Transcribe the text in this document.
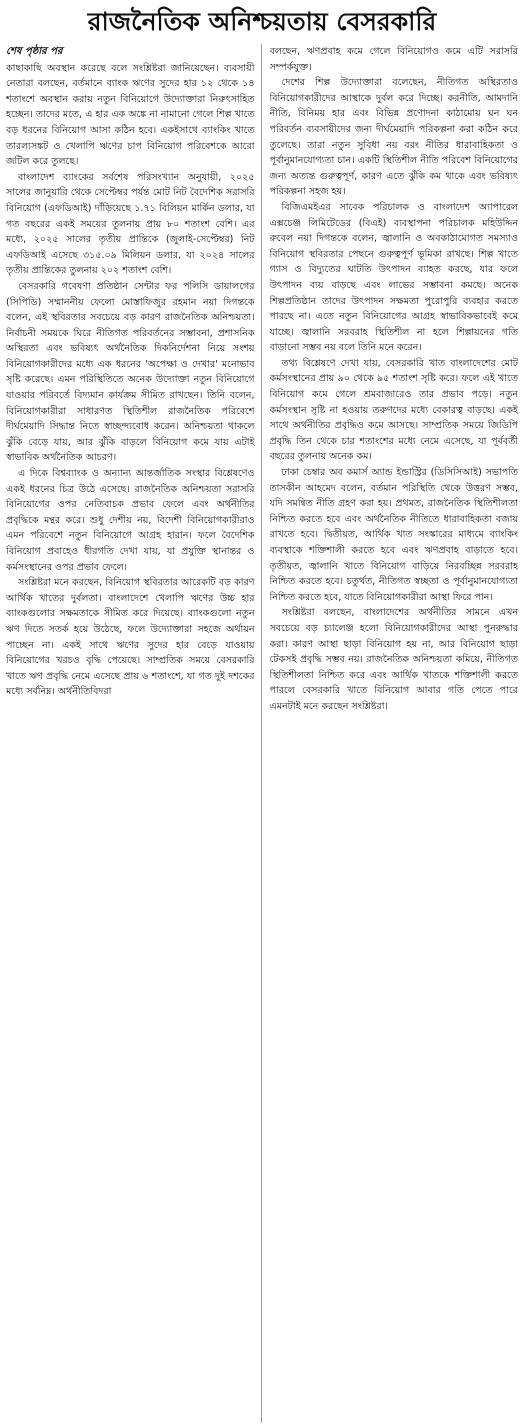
রাজনৈতিক অনিশ্চয়তায় বেসরকারি
শেষ পৃষ্ঠার পর

কাছাকাছি অবস্থান করেছে বলে সংশ্লিষ্টরা জানিয়েছেন। ব্যবসায়ী নেতারা বলছেন, বর্তমানে ব্যাংক ঋণের সুদের হার ১২ থেকে ১৪ শতাংশে অবস্থান করায় নতুন বিনিয়োগে উদ্যোক্তারা নিরুৎসাহিত হচ্ছেন। তাদের মতে, এ হার এক অঙ্কে না নামানো গেলে শিল্প খাতে বড় ধরনের বিনিয়োগ আসা কঠিন হবে। একইসাথে ব্যাংকিং খাতে তারল্যসঙ্কট ও খেলাপি ঋণের চাপ বিনিয়োগ পরিবেশকে আরো জটিল করে তুলছে।

বাংলাদেশ ব্যাংকের সর্বশেষ পরিসংখ্যান অনুযায়ী, ২০২৫ সালের জানুয়ারি থেকে সেপ্টেম্বর পর্যন্ত মোট নিট বৈদেশিক সরাসরি বিনিয়োগ (এফডিআই) দাঁড়িয়েছে ১.৭১ বিলিয়ন মার্কিন ডলার, যা গত বছরের একই সময়ের তুলনায় প্রায় ৮০ শতাংশ বেশি। এর মধ্যে, ২০২৫ সালের তৃতীয় প্রান্তিকে (জুলাই-সেপ্টেম্বর) নিট এফডিআই এসেছে ৩১৫.০৯ মিলিয়ন ডলার, যা ২০২৪ সালের তৃতীয় প্রান্তিকের তুলনায় ২০২ শতাংশ বেশি।

বেসরকারি গবেষণা প্রতিষ্ঠান সেন্টার ফর পলিসি ডায়ালগের (সিপিডি) সম্মাননীয় ফেলো মোস্তাফিজুর রহমান নয়া দিগন্তকে বলেন, এই স্থবিরতার সবচেয়ে বড় কারণ রাজনৈতিক অনিশ্চয়তা। নির্বাচনী সময়কে ঘিরে নীতিগত পরিবর্তনের সম্ভাবনা, প্রশাসনিক অস্থিরতা এবং ভবিষ্যৎ অর্থনৈতিক দিকনির্দেশনা নিয়ে সংশয় বিনিয়োগকারীদের মধ্যে এক ধরনের 'অপেক্ষা ও দেখার' মনোভাব সৃষ্টি করেছে। এমন পরিস্থিতিতে অনেক উদ্যোক্তা নতুন বিনিয়োগে যাওয়ার পরিবর্তে বিদ্যমান কার্যক্রম সীমিত রাখছেন। তিনি বলেন, বিনিয়োগকারীরা সাধারণত স্থিতিশীল রাজনৈতিক পরিবেশে দীর্ঘমেয়াদি সিদ্ধান্ত নিতে স্বাচ্ছন্দ্যবোধ করেন। অনিশ্চয়তা থাকলে ঝুঁকি বেড়ে যায়, আর ঝুঁকি বাড়লে বিনিয়োগ কমে যায় এটাই স্বাভাবিক অর্থনৈতিক আচরণ।

এ দিকে বিশ্বব্যাংক ও অন্যান্য আন্তর্জাতিক সংস্থার বিশ্লেষণেও একই ধরনের চিত্র উঠে এসেছে। রাজনৈতিক অনিশ্চয়তা সরাসরি বিনিয়োগের ওপর নেতিবাচক প্রভাব ফেলে এবং অর্থনীতির প্রবৃদ্ধিকে মন্থর করে। শুধু দেশীয় নয়, বিদেশী বিনিয়োগকারীরাও এমন পরিবেশে নতুন বিনিয়োগে আগ্রহ হারান। ফলে বৈদেশিক বিনিয়োগ প্রবাহেও ধীরগতি দেখা যায়, যা প্রযুক্তি স্থানান্তর ও কর্মসংস্থানের ওপর প্রভাব ফেলে।

সংশ্লিষ্টরা মনে করছেন, বিনিয়োগ স্থবিরতার আরেকটি বড় কারণ আর্থিক খাতের দুর্বলতা। বাংলাদেশে খেলাপি ঋণের উচ্চ হার ব্যাংকগুলোর সক্ষমতাকে সীমিত করে দিয়েছে। ব্যাংকগুলো নতুন ঋণ দিতে সতর্ক হয়ে উঠেছে, ফলে উদ্যোক্তারা সহজে অর্থায়ন পাচ্ছেন না। একই সাথে ঋণের সুদের হার বেড়ে যাওয়ায় বিনিয়োগের খরচও বৃদ্ধি পেয়েছে। সাম্প্রতিক সময়ে বেসরকারি খাতে ঋণ প্রবৃদ্ধি নেমে এসেছে প্রায় ৬ শতাংশে, যা গত দুই দশকের মধ্যে সর্বনিম্ন। অর্থনীতিবিদরা

বলছেন, ঋণপ্রবাহ কমে গেলে বিনিয়োগও কমে এটি সরাসরি সম্পর্কযুক্ত।

দেশের শিল্প উদ্যোক্তারা বলেছেন, নীতিগত অস্থিরতাও বিনিয়োগকারীদের আস্থাকে দুর্বল করে দিচ্ছে। করনীতি, আমদানি নীতি, বিনিময় হার এবং বিভিন্ন প্রণোদনা কাঠামোয় ঘন ঘন পরিবর্তন ব্যবসায়ীদের জন্য দীর্ঘমেয়াদি পরিকল্পনা করা কঠিন করে তুলেছে। তারা নতুন সুবিধা নয় বরং নীতির ধারাবাহিকতা ও পূর্বানুমানযোগ্যতা চান। একটি স্থিতিশীল নীতি পরিবেশ বিনিয়োগের জন্য অত্যন্ত গুরুত্বপূর্ণ, কারণ এতে ঝুঁকি কম থাকে এবং ভবিষ্যৎ পরিকল্পনা সহজ হয়।

বিজিএমইএর সাবেক পরিচালক ও বাংলাদেশ অ্যাপারেল এক্সচেঞ্জ লিমিটেডের (বিএই) ব্যবস্থাপনা পরিচালক মহিউদ্দিন রুবেল নয়া দিগন্তকে বলেন, জ্বালানি ও অবকাঠামোগত সমস্যাও বিনিয়োগ স্থবিরতার পেছনে গুরুত্বপূর্ণ ভূমিকা রাখছে। শিল্প খাতে গ্যাস ও বিদ্যুতের ঘাটতি উৎপাদন ব্যাহত করছে, যার ফলে উৎপাদন ব্যয় বাড়ছে এবং লাভের সম্ভাবনা কমছে। অনেক শিল্পপ্রতিষ্ঠান তাদের উৎপাদন সক্ষমতা পুরোপুরি ব্যবহার করতে পারছে না। এতে নতুন বিনিয়োগের আগ্রহ স্বাভাবিকভাবেই কমে যাচ্ছে। জ্বালানি সরবরাহ স্থিতিশীল না হলে শিল্পায়নের গতি বাড়ানো সম্ভব নয় বলে তিনি মনে করেন।

তথ্য বিশ্লেষণে দেখা যায়, বেসরকারি খাত বাংলাদেশের মোট কর্মসংস্থানের প্রায় ৯০ থেকে ৯৫ শতাংশ সৃষ্টি করে। ফলে এই খাতে বিনিয়োগ কমে গেলে শ্রমবাজারেও তার প্রভাব পড়ে। নতুন কর্মসংস্থান সৃষ্টি না হওয়ায় তরুণদের মধ্যে বেকারত্ব বাড়ছে। একই সাথে অর্থনীতির প্রবৃদ্ধিও কমে আসছে। সাম্প্রতিক সময়ে জিডিপি প্রবৃদ্ধি তিন থেকে চার শতাংশের মধ্যে নেমে এসেছে, যা পূর্ববর্তী বছরের তুলনায় অনেক কম।

ঢাকা চেম্বার অব কমার্স অ্যান্ড ইন্ডাস্ট্রির (ডিসিসিআই) সভাপতি তাসকীন আহমেদ বলেন, বর্তমান পরিস্থিতি থেকে উত্তরণ সম্ভব, যদি সমন্বিত নীতি গ্রহণ করা হয়। প্রথমত, রাজনৈতিক স্থিতিশীলতা নিশ্চিত করতে হবে এবং অর্থনৈতিক নীতিতে ধারাবাহিকতা বজায় রাখতে হবে। দ্বিতীয়ত, আর্থিক খাত সংস্কারের মাধ্যমে ব্যাংকিং ব্যবস্থাকে শক্তিশালী করতে হবে এবং ঋণপ্রবাহ বাড়াতে হবে। তৃতীয়ত, জ্বালানি খাতে বিনিয়োগ বাড়িয়ে নিরবচ্ছিন্ন সরবরাহ নিশ্চিত করতে হবে। চতুর্থত, নীতিগত স্বচ্ছতা ও পূর্বানুমানযোগ্যতা নিশ্চিত করতে হবে, যাতে বিনিয়োগকারীরা আস্থা ফিরে পান।

সংশ্লিষ্টরা বলছেন, বাংলাদেশের অর্থনীতির সামনে এখন সবচেয়ে বড় চ্যালেঞ্জ হলো বিনিয়োগকারীদের আস্থা পুনরুদ্ধার করা। কারণ আস্থা ছাড়া বিনিয়োগ হয় না, আর বিনিয়োগ ছাড়া টেকসই প্রবৃদ্ধি সম্ভব নয়। রাজনৈতিক অনিশ্চয়তা কমিয়ে, নীতিগত স্থিতিশীলতা নিশ্চিত করে এবং আর্থিক খাতকে শক্তিশালী করতে পারলে বেসরকারি খাতে বিনিয়োগ আবার গতি পেতে পারে এমনটাই মনে করছেন সংশ্লিষ্টরা।
